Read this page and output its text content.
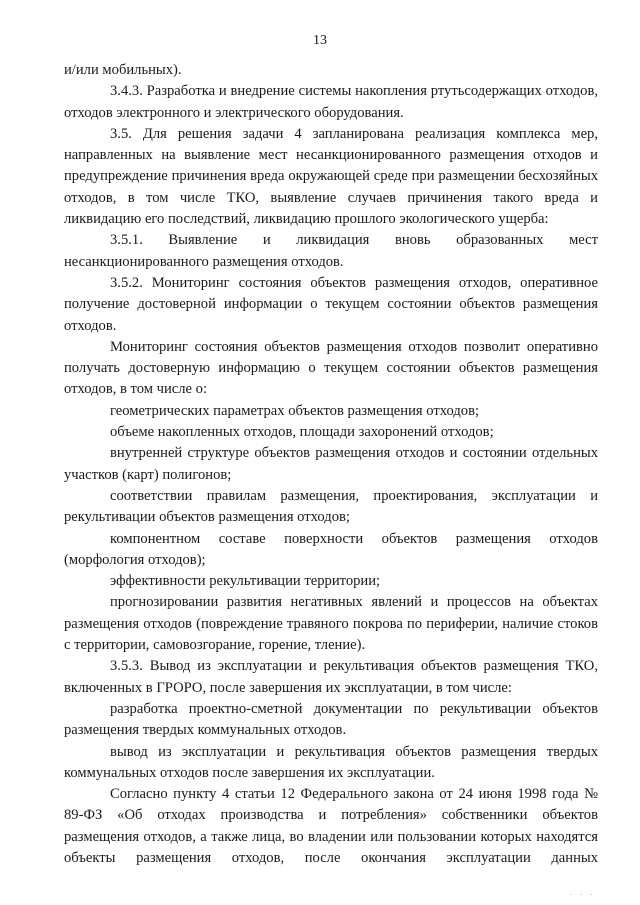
13

и/или мобильных).

3.4.3. Разработка и внедрение системы накопления ртутьсодержащих отходов, отходов электронного и электрического оборудования.

3.5. Для решения задачи 4 запланирована реализация комплекса мер, направленных на выявление мест несанкционированного размещения отходов и предупреждение причинения вреда окружающей среде при размещении бесхозяйных отходов, в том числе ТКО, выявление случаев причинения такого вреда и ликвидацию его последствий, ликвидацию прошлого экологического ущерба:

3.5.1. Выявление и ликвидация вновь образованных мест несанкционированного размещения отходов.

3.5.2. Мониторинг состояния объектов размещения отходов, оперативное получение достоверной информации о текущем состоянии объектов размещения отходов.

Мониторинг состояния объектов размещения отходов позволит оперативно получать достоверную информацию о текущем состоянии объектов размещения отходов, в том числе о:

геометрических параметрах объектов размещения отходов;

объеме накопленных отходов, площади захоронений отходов;

внутренней структуре объектов размещения отходов и состоянии отдельных участков (карт) полигонов;

соответствии правилам размещения, проектирования, эксплуатации и рекультивации объектов размещения отходов;

компонентном составе поверхности объектов размещения отходов (морфология отходов);

эффективности рекультивации территории;

прогнозировании развития негативных явлений и процессов на объектах размещения отходов (повреждение травяного покрова по периферии, наличие стоков с территории, самовозгорание, горение, тление).

3.5.3. Вывод из эксплуатации и рекультивация объектов размещения ТКО, включенных в ГРОРО, после завершения их эксплуатации, в том числе:

разработка проектно-сметной документации по рекультивации объектов размещения твердых коммунальных отходов.

вывод из эксплуатации и рекультивация объектов размещения твердых коммунальных отходов после завершения их эксплуатации.

Согласно пункту 4 статьи 12 Федерального закона от 24 июня 1998 года № 89-ФЗ «Об отходах производства и потребления» собственники объектов размещения отходов, а также лица, во владении или пользовании которых находятся объекты размещения отходов, после окончания эксплуатации данных

· · ·
